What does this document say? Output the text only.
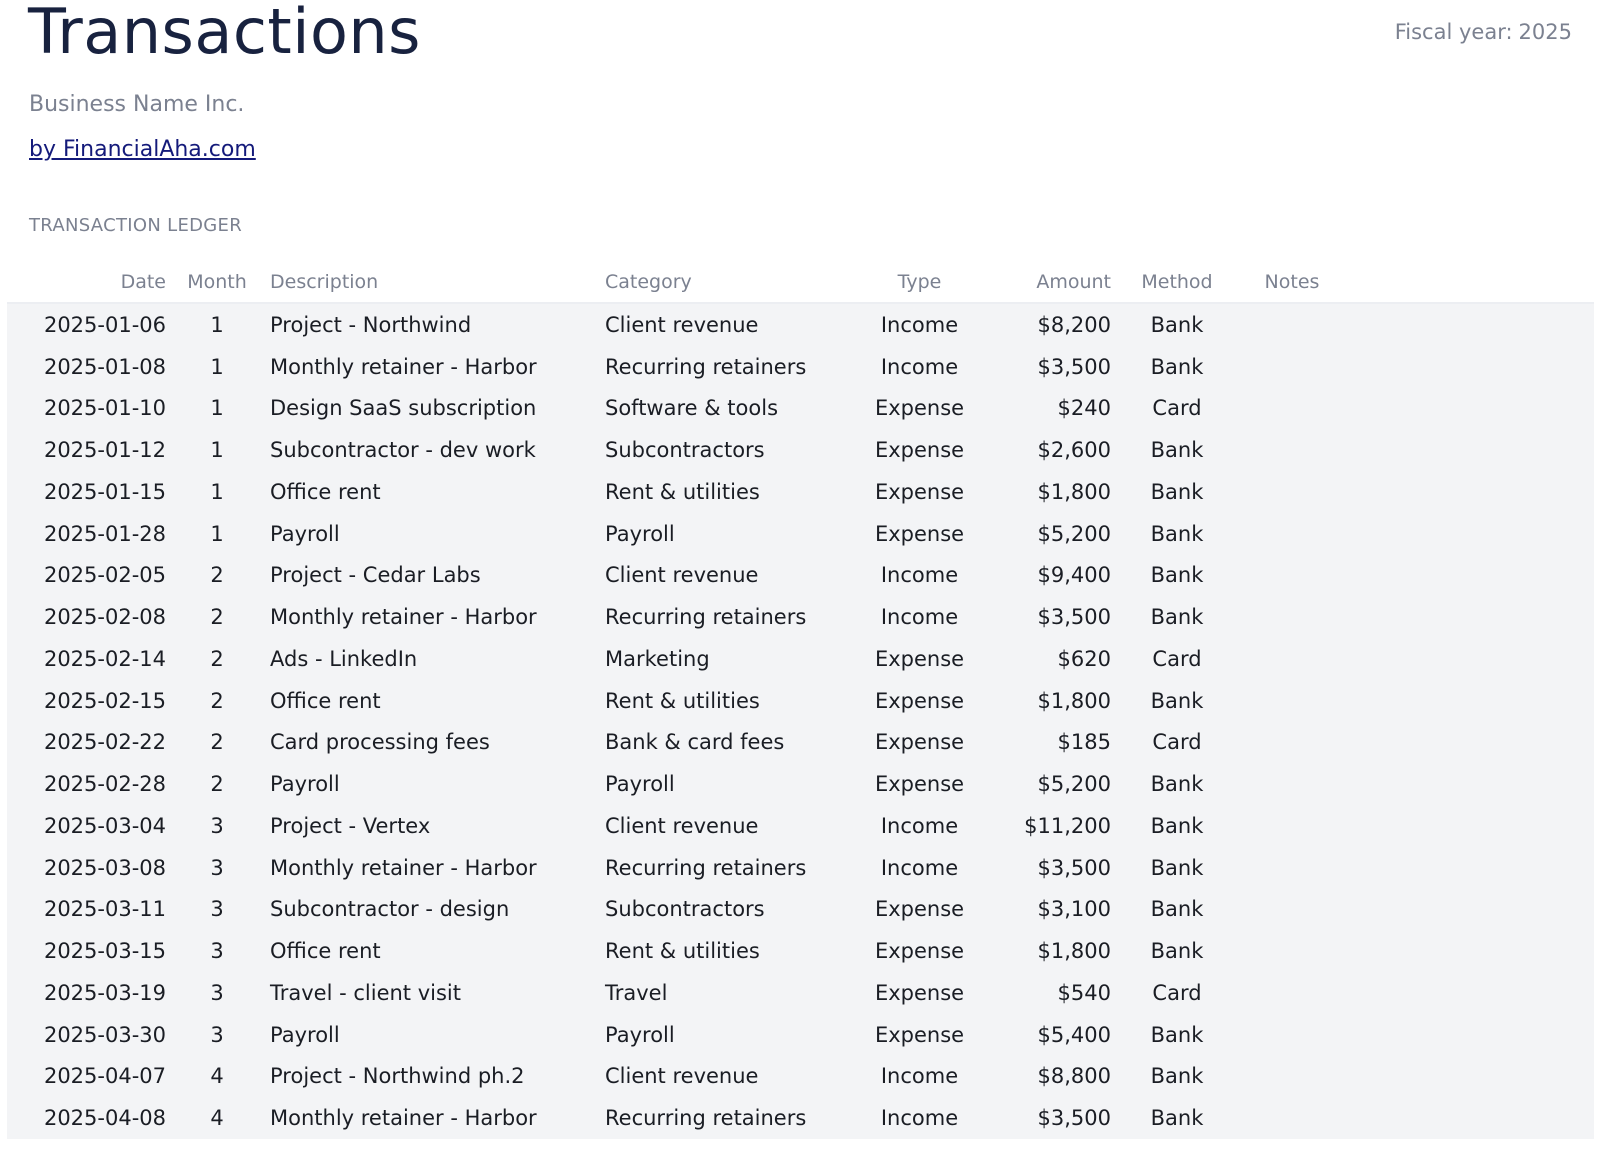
Transactions	Fiscal year: 2025
Business Name Inc.
by FinancialAha.com
TRANSACTION LEDGER
Date	Month	Description	Category	Type	Amount	Method	Notes	
2025-01-06	1	Project - Northwind	Client revenue	Income	$8,200	Bank		
2025-01-08	1	Monthly retainer - Harbor	Recurring retainers	Income	$3,500	Bank		
2025-01-10	1	Design SaaS subscription	Software & tools	Expense	$240	Card		
2025-01-12	1	Subcontractor - dev work	Subcontractors	Expense	$2,600	Bank		
2025-01-15	1	Office rent	Rent & utilities	Expense	$1,800	Bank		
2025-01-28	1	Payroll	Payroll	Expense	$5,200	Bank		
2025-02-05	2	Project - Cedar Labs	Client revenue	Income	$9,400	Bank		
2025-02-08	2	Monthly retainer - Harbor	Recurring retainers	Income	$3,500	Bank		
2025-02-14	2	Ads - LinkedIn	Marketing	Expense	$620	Card		
2025-02-15	2	Office rent	Rent & utilities	Expense	$1,800	Bank		
2025-02-22	2	Card processing fees	Bank & card fees	Expense	$185	Card		
2025-02-28	2	Payroll	Payroll	Expense	$5,200	Bank		
2025-03-04	3	Project - Vertex	Client revenue	Income	$11,200	Bank		
2025-03-08	3	Monthly retainer - Harbor	Recurring retainers	Income	$3,500	Bank		
2025-03-11	3	Subcontractor - design	Subcontractors	Expense	$3,100	Bank		
2025-03-15	3	Office rent	Rent & utilities	Expense	$1,800	Bank		
2025-03-19	3	Travel - client visit	Travel	Expense	$540	Card		
2025-03-30	3	Payroll	Payroll	Expense	$5,400	Bank		
2025-04-07	4	Project - Northwind ph.2	Client revenue	Income	$8,800	Bank		
2025-04-08	4	Monthly retainer - Harbor	Recurring retainers	Income	$3,500	Bank		
